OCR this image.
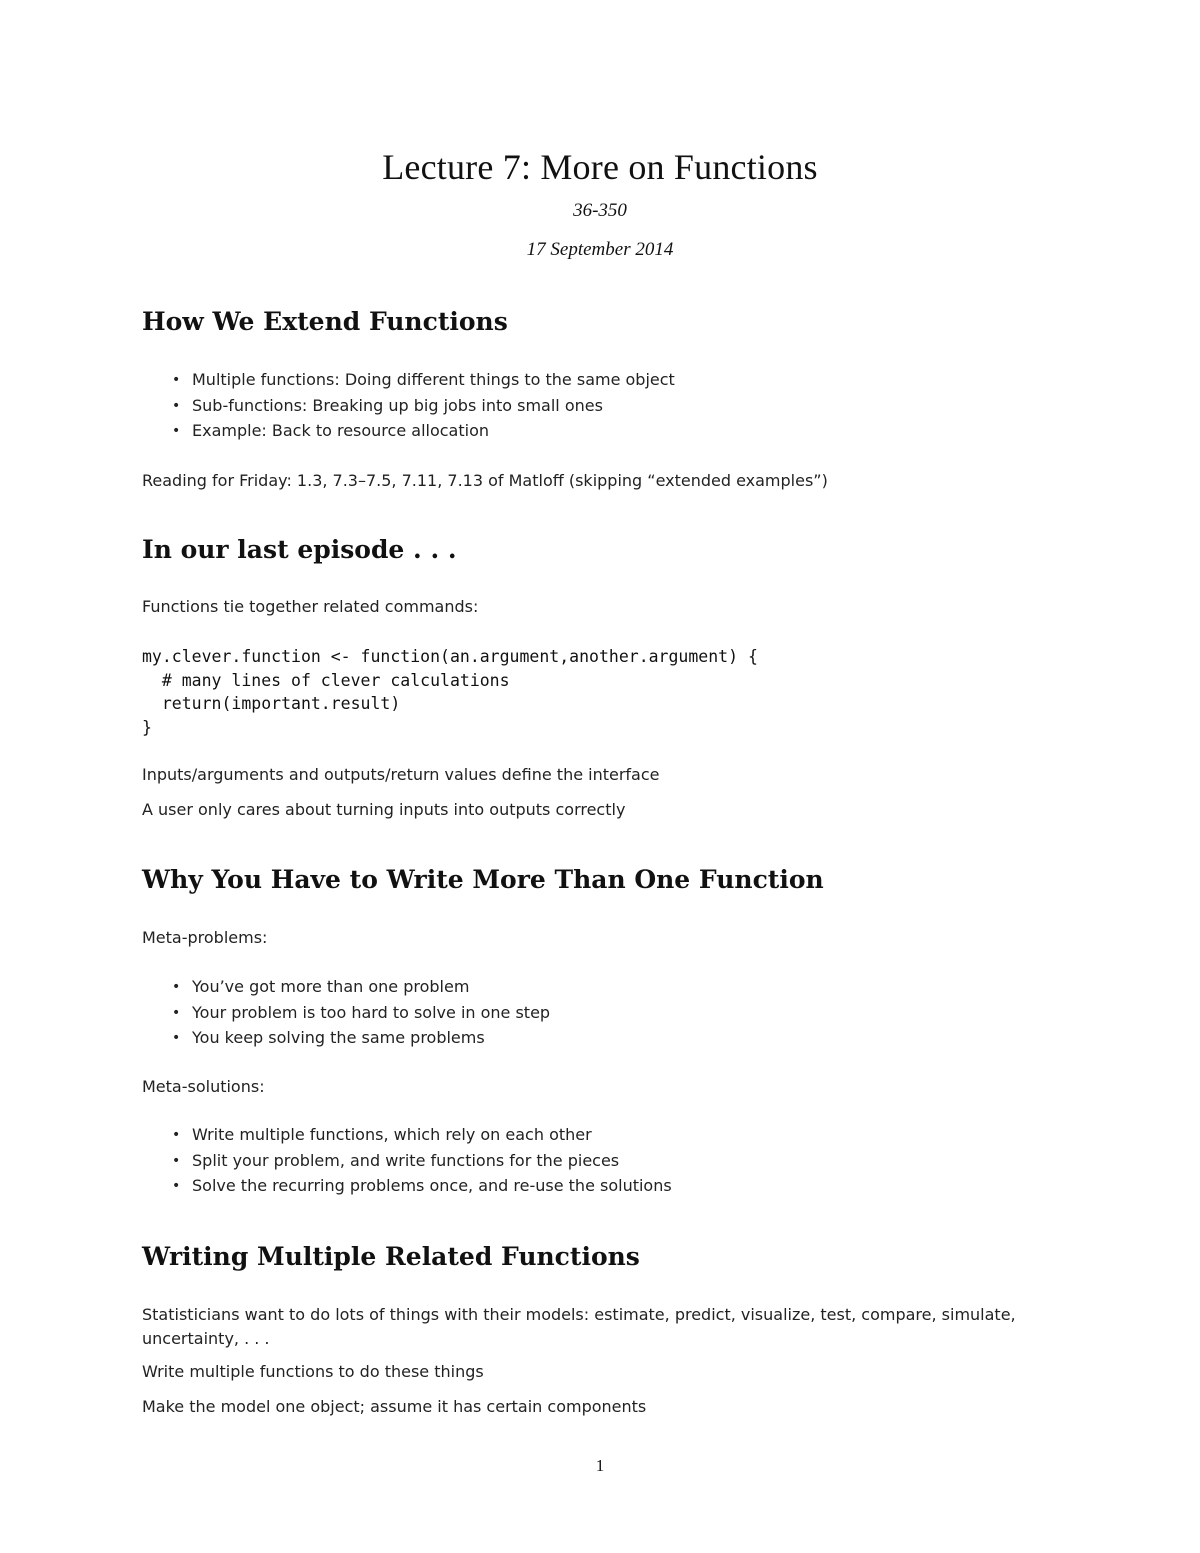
Lecture 7: More on Functions

36-350

17 September 2014

How We Extend Functions
• Multiple functions: Doing different things to the same object
• Sub-functions: Breaking up big jobs into small ones
• Example: Back to resource allocation

Reading for Friday: 1.3, 7.3–7.5, 7.11, 7.13 of Matloff (skipping “extended examples”)

In our last episode . . .

Functions tie together related commands:

my.clever.function <- function(an.argument,another.argument) {
# many lines of clever calculations
return(important.result)
}

Inputs/arguments and outputs/return values define the interface

A user only cares about turning inputs into outputs correctly

Why You Have to Write More Than One Function

Meta-problems:

• You’ve got more than one problem
• Your problem is too hard to solve in one step
• You keep solving the same problems

Meta-solutions:

• Write multiple functions, which rely on each other
• Split your problem, and write functions for the pieces
• Solve the recurring problems once, and re-use the solutions
Writing Multiple Related Functions

Statisticians want to do lots of things with their models: estimate, predict, visualize, test, compare, simulate, uncertainty, . . .

Write multiple functions to do these things

Make the model one object; assume it has certain components

1
